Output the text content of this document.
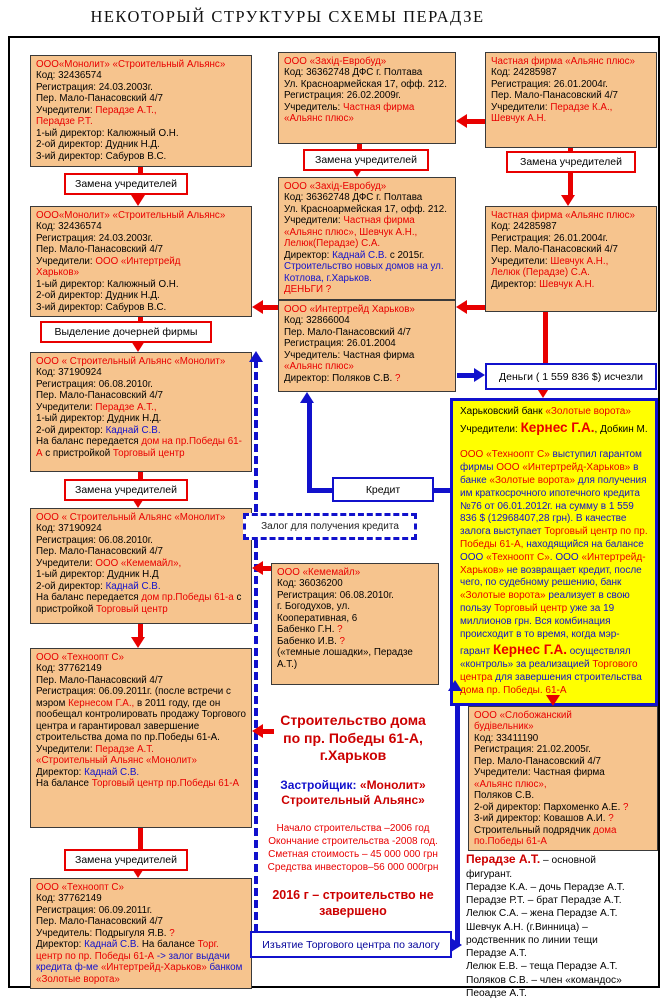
НЕКОТОРЫЙ СТРУКТУРЫ СХЕМЫ ПЕРАДЗЕ
ООО«Монолит» «Строительный Альянс»
Код: 32436574
Регистрация: 24.03.2003г.
Пер. Мало-Панасовский 4/7
Учредители: Перадзе А.Т.,
Перадзе Р.Т.
1-ый директор: Калюжный О.Н.
2-ой директор: Дудник Н.Д.
3-ий директор: Сабуров В.С.
ООО«Монолит» «Строительный Альянс»
Код: 32436574
Регистрация: 24.03.2003г.
Пер. Мало-Панасовский 4/7
Учредители: ООО «Интертрейд
Харьков»
1-ый директор: Калюжный О.Н.
2-ой директор: Дудник Н.Д.
3-ий директор: Сабуров В.С.
ООО « Строительный Альянс «Монолит»
Код: 37190924
Регистрация: 06.08.2010г.
Пер. Мало-Панасовский 4/7
Учредители: Перадзе А.Т.,
1-ый директор: Дудник Н.Д.
2-ой директор: Каднай С.В.
На баланс передается дом на пр.Победы 61-А с пристройкой Торговый центр
ООО « Строительный Альянс «Монолит»
Код: 37190924
Регистрация: 06.08.2010г.
Пер. Мало-Панасовский 4/7
Учредители: ООО «Кемемайл»,
1-ый директор: Дудник Н.Д
2-ой директор: Каднай С.В.
На баланс передается дом пр.Победы 61-а с пристройкой Торговый центр
ООО «Техноопт С»
Код: 37762149
Пер. Мало-Панасовский 4/7
Регистрация: 06.09.2011г. (после встречи с мэром Кернесом Г.А., в 2011 году, где он пообещал контролировать продажу Торгового центра и гарантировал завершение строительства дома по пр.Победы 61-А.
Учредители: Перадзе А.Т.
«Строительный Альянс «Монолит»
Директор: Каднай С.В.
На балансе Торговый центр пр.Победы 61-А
ООО «Техноопт С»
Код: 37762149
Регистрация: 06.09.2011г.
Пер. Мало-Панасовский 4/7
Учредитель: Подрыгуля Я.В. ?
Директор: Каднай С.В. На балансе Торг. центр по пр. Победы 61-А -> залог выдачи кредита ф-ме «Интертрейд-Харьков» банком «Золотые ворота»
ООО «Захід-Евробуд»
Код: 36362748 ДФС г. Полтава
Ул. Красноармейская 17, офф. 212. Регистрация: 26.02.2009г.
Учредитель: Частная фирма «Альянс плюс»
ООО «Захід-Евробуд»
Код: 36362748 ДФС г. Полтава
Ул. Красноармейская 17, офф. 212. Учредители: Частная фирма «Альянс плюс», Шевчук А.Н., Лелюк(Перадзе) С.А.
Директор: Каднай С.В. с 2015г.
Строительство новых домов на ул. Котлова, г.Харьков.
ДЕНЬГИ ?
ООО «Интертрейд Харьков»
Код: 32866004
Пер. Мало-Панасовский 4/7
Регистрация: 26.01.2004
Учредитель: Частная фирма
«Альянс плюс»
Директор: Поляков С.В. ?
ООО «Кемемайл»
Код: 36036200
Регистрация: 06.08.2010г.
г. Богодухов, ул.
Кооперативная, 6
Бабенко Г.Н. ?
Бабенко И.В. ?
(«темные лошадки», Перадзе А.Т.)
Частная фирма «Альянс плюс»
Код: 24285987
Регистрация: 26.01.2004г.
Пер. Мало-Панасовский 4/7
Учредители: Перадзе К.А.,
Шевчук А.Н.
Частная фирма «Альянс плюс»
Код: 24285987
Регистрация: 26.01.2004г.
Пер. Мало-Панасовский 4/7
Учредители: Шевчук А.Н.,
Лелюк (Перадзе) С.А.
Директор: Шевчук А.Н.
Харьковский банк «Золотые ворота»
Учредители: Кернес Г.А., Добкин М.

ООО «Техноопт С» выступил гарантом фирмы ООО «Интертрейд-Харьков» в банке «Золотые ворота» для получения им краткосрочного ипотечного кредита №76 от 06.01.2012г. на сумму в 1 559 836 $ (12968407,28 грн). В качестве залога выступает Торговый центр по пр. Победы 61-А, находящийся на балансе ООО «Техноопт С». ООО «Интертрейд-Харьков» не возвращает кредит, после чего, по судебному решению, банк «Золотые ворота» реализует в свою пользу Торговый центр уже за 19 миллионов грн. Вся комбинация происходит в то время, когда мэр-гарант Кернес Г.А. осуществлял «контроль» за реализацией Торгового центра для завершения строительства дома пр. Победы. 61-А
ООО «Слобожанский
будівельник»
Код: 33411190
Регистрация: 21.02.2005г.
Пер. Мало-Панасовский 4/7
Учредители: Частная фирма
«Альянс плюс»,
Поляков С.В.
2-ой директор: Пархоменко А.Е. ?
3-ий директор: Ковашов А.И. ?
Строительный подрядчик дома
по.Победы 61-А
Строительство дома
по пр. Победы 61-А,
г.Харьков

Застройщик: «Монолит»
Строительный Альянс»

Начало строительства –2006 год
Окончание строительства -2008 год.
Сметная стоимость – 45 000 000 грн
Средства инвесторов–56 000 000грн

2016 г – строительство не
завершено
Перадзе А.Т. – основной
фигурант.
Перадзе К.А. – дочь Перадзе А.Т.
Перадзе Р.Т. – брат Перадзе А.Т.
Лелюк С.А. – жена Перадзе А.Т.
Шевчук А.Н. (г.Винница) –
родственник по линии тещи
Перадзе А.Т.
Лелюк Е.В. – теща Перадзе А.Т.
Поляков С.В. – член «командос»
Пеоадзе А.Т.
Замена учредителей
Выделение дочерней фирмы
Замена учредителей
Замена учредителей
Замена учредителей	Замена учредителей
Кредит
Залог для получения кредита
Деньги ( 1 559 836 $) исчезли
Изъятие Торгового центра по залогу
